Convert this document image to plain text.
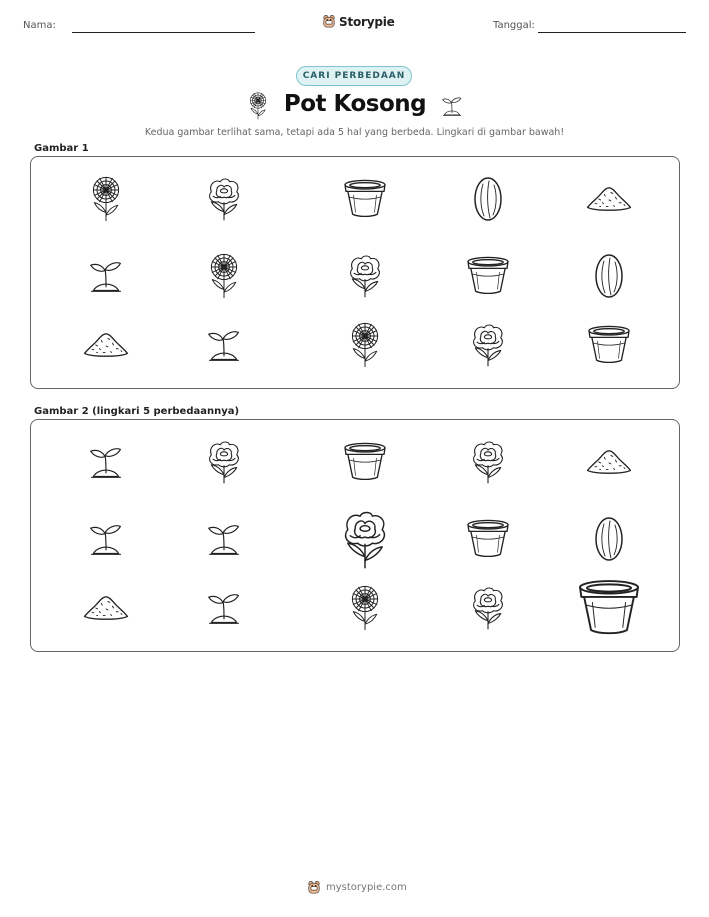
Nama:	Storypie	Tanggal:
CARI PERBEDAAN
Pot Kosong
Kedua gambar terlihat sama, tetapi ada 5 hal yang berbeda. Lingkari di gambar bawah!
Gambar 1
Gambar 2 (lingkari 5 perbedaannya)
mystorypie.com
